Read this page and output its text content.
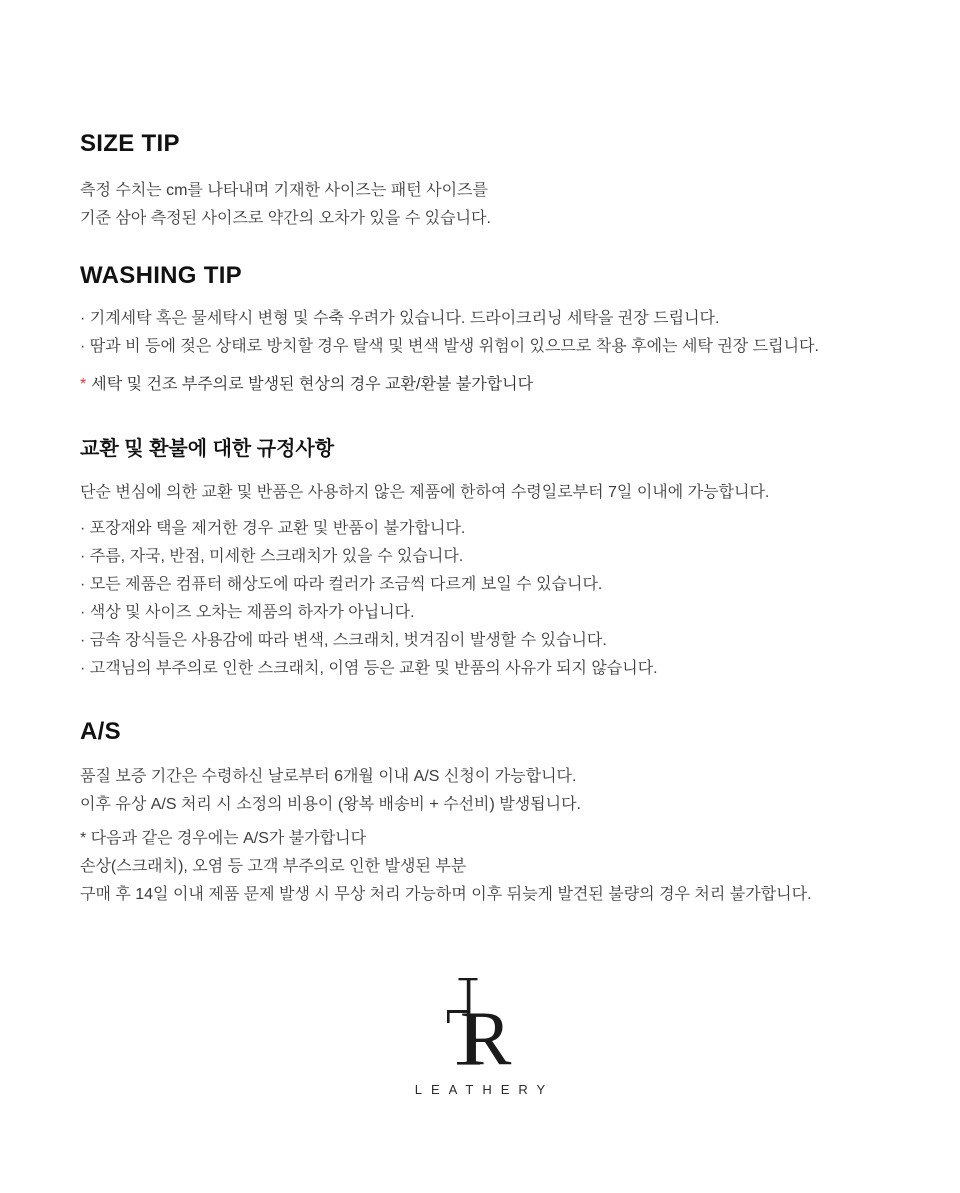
SIZE TIP

측정 수치는 cm를 나타내며 기재한 사이즈는 패턴 사이즈를

기준 삼아 측정된 사이즈로 약간의 오차가 있을 수 있습니다.

WASHING TIP
· 기계세탁 혹은 물세탁시 변형 및 수축 우려가 있습니다. 드라이크리닝 세탁을 권장 드립니다.
· 땀과 비 등에 젖은 상태로 방치할 경우 탈색 및 변색 발생 위험이 있으므로 착용 후에는 세탁 권장 드립니다.

* 세탁 및 건조 부주의로 발생된 현상의 경우 교환/환불 불가합니다

교환 및 환불에 대한 규정사항

단순 변심에 의한 교환 및 반품은 사용하지 않은 제품에 한하여 수령일로부터 7일 이내에 가능합니다.

· 포장재와 택을 제거한 경우 교환 및 반품이 불가합니다.
· 주름, 자국, 반점, 미세한 스크래치가 있을 수 있습니다.
· 모든 제품은 컴퓨터 해상도에 따라 컬러가 조금씩 다르게 보일 수 있습니다.
· 색상 및 사이즈 오차는 제품의 하자가 아닙니다.
· 금속 장식들은 사용감에 따라 변색, 스크래치, 벗겨짐이 발생할 수 있습니다.
· 고객님의 부주의로 인한 스크래치, 이염 등은 교환 및 반품의 사유가 되지 않습니다.
A/S

품질 보증 기간은 수령하신 날로부터 6개월 이내 A/S 신청이 가능합니다.

이후 유상 A/S 처리 시 소정의 비용이 (왕복 배송비 + 수선비) 발생됩니다.

* 다음과 같은 경우에는 A/S가 불가합니다
손상(스크래치), 오염 등 고객 부주의로 인한 발생된 부분
구매 후 14일 이내 제품 문제 발생 시 무상 처리 가능하며 이후 뒤늦게 발견된 불량의 경우 처리 불가합니다.
R
LEATHERY
